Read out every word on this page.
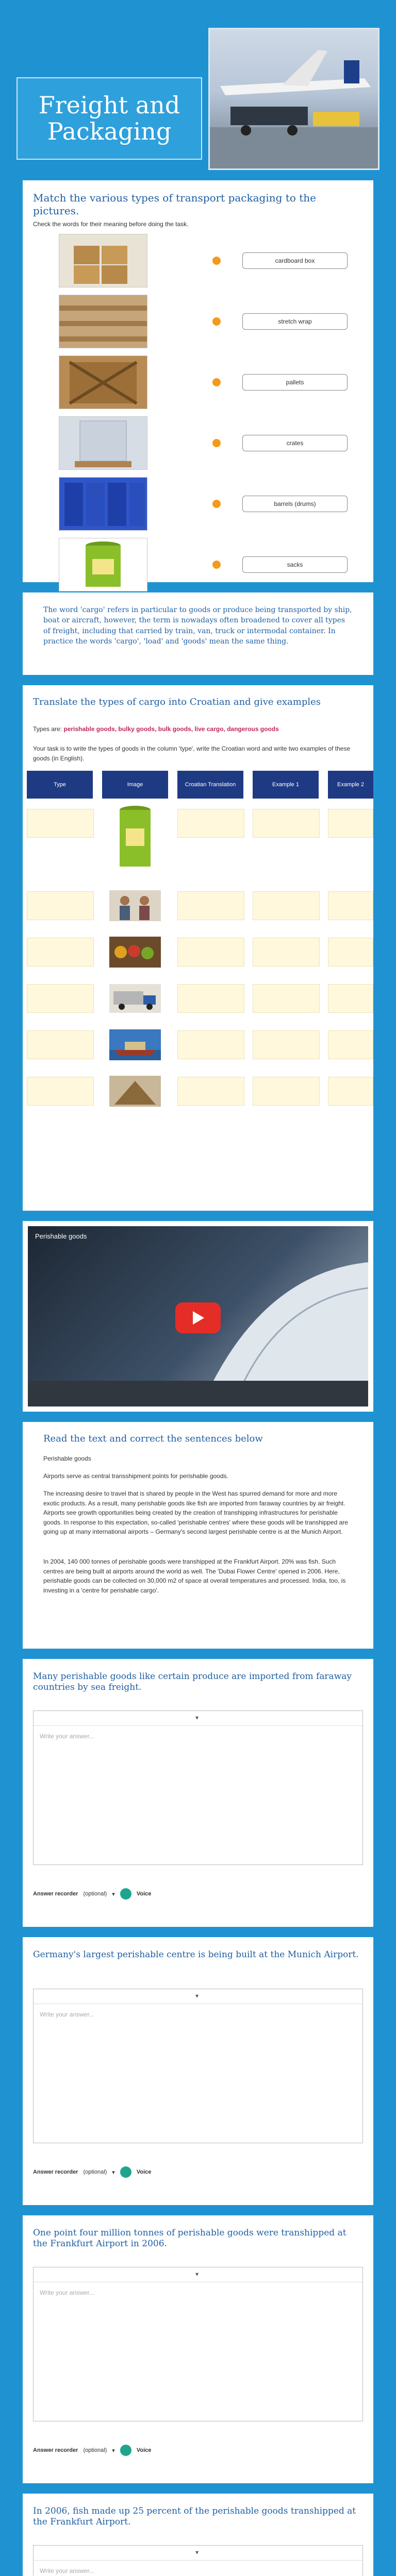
Freight and
Packaging
Match the various types of transport packaging to the pictures.
Check the words for their meaning before doing the task.
cardboard box
stretch wrap
pallets
crates
barrels (drums)
sacks
The word 'cargo' refers in particular to goods or produce being transported by ship, boat or aircraft, however, the term is nowadays often broadened to cover all types of freight, including that carried by train, van, truck or intermodal container. In practice the words 'cargo', 'load' and 'goods' mean the same thing.
Translate the types of cargo into Croatian and give examples
Types are: perishable goods, bulky goods, bulk goods, live cargo, dangerous goods
Your task is to write the types of goods in the column 'type', write the Croatian word and write two examples of these goods (in English).
Type	Image	Croatian Translation	Example 1	Example 2
Perishable goods
Read the text and correct the sentences below
Perishable goods
Airports serve as central transshipment points for perishable goods.
The increasing desire to travel that is shared by people in the West has spurred demand for more and more exotic products. As a result, many perishable goods like fish are imported from faraway countries by air freight. Airports see growth opportunities being created by the creation of transhipping infrastructures for perishable goods. In response to this expectation, so-called 'perishable centres' where these goods will be transhipped are going up at many international airports – Germany's second largest perishable centre is at the Munich Airport.
In 2004, 140 000 tonnes of perishable goods were transhipped at the Frankfurt Airport. 20% was fish. Such centres are being built at airports around the world as well. The 'Dubai Flower Centre' opened in 2006. Here, perishable goods can be collected on 30,000 m2 of space at overall temperatures and processed. India, too, is investing in a 'centre for perishable cargo'.
Many perishable goods like certain produce are imported from faraway countries by sea freight.
▾
Write your answer...
Answer recorder (optional) ▾	Voice
Germany's largest perishable centre is being built at the Munich Airport.
▾
Write your answer...
Answer recorder (optional) ▾	Voice
One point four million tonnes of perishable goods were transhipped at the Frankfurt Airport in 2006.
▾
Write your answer...
Answer recorder (optional) ▾	Voice
In 2006, fish made up 25 percent of the perishable goods transhipped at the Frankfurt Airport.
▾
Write your answer...
